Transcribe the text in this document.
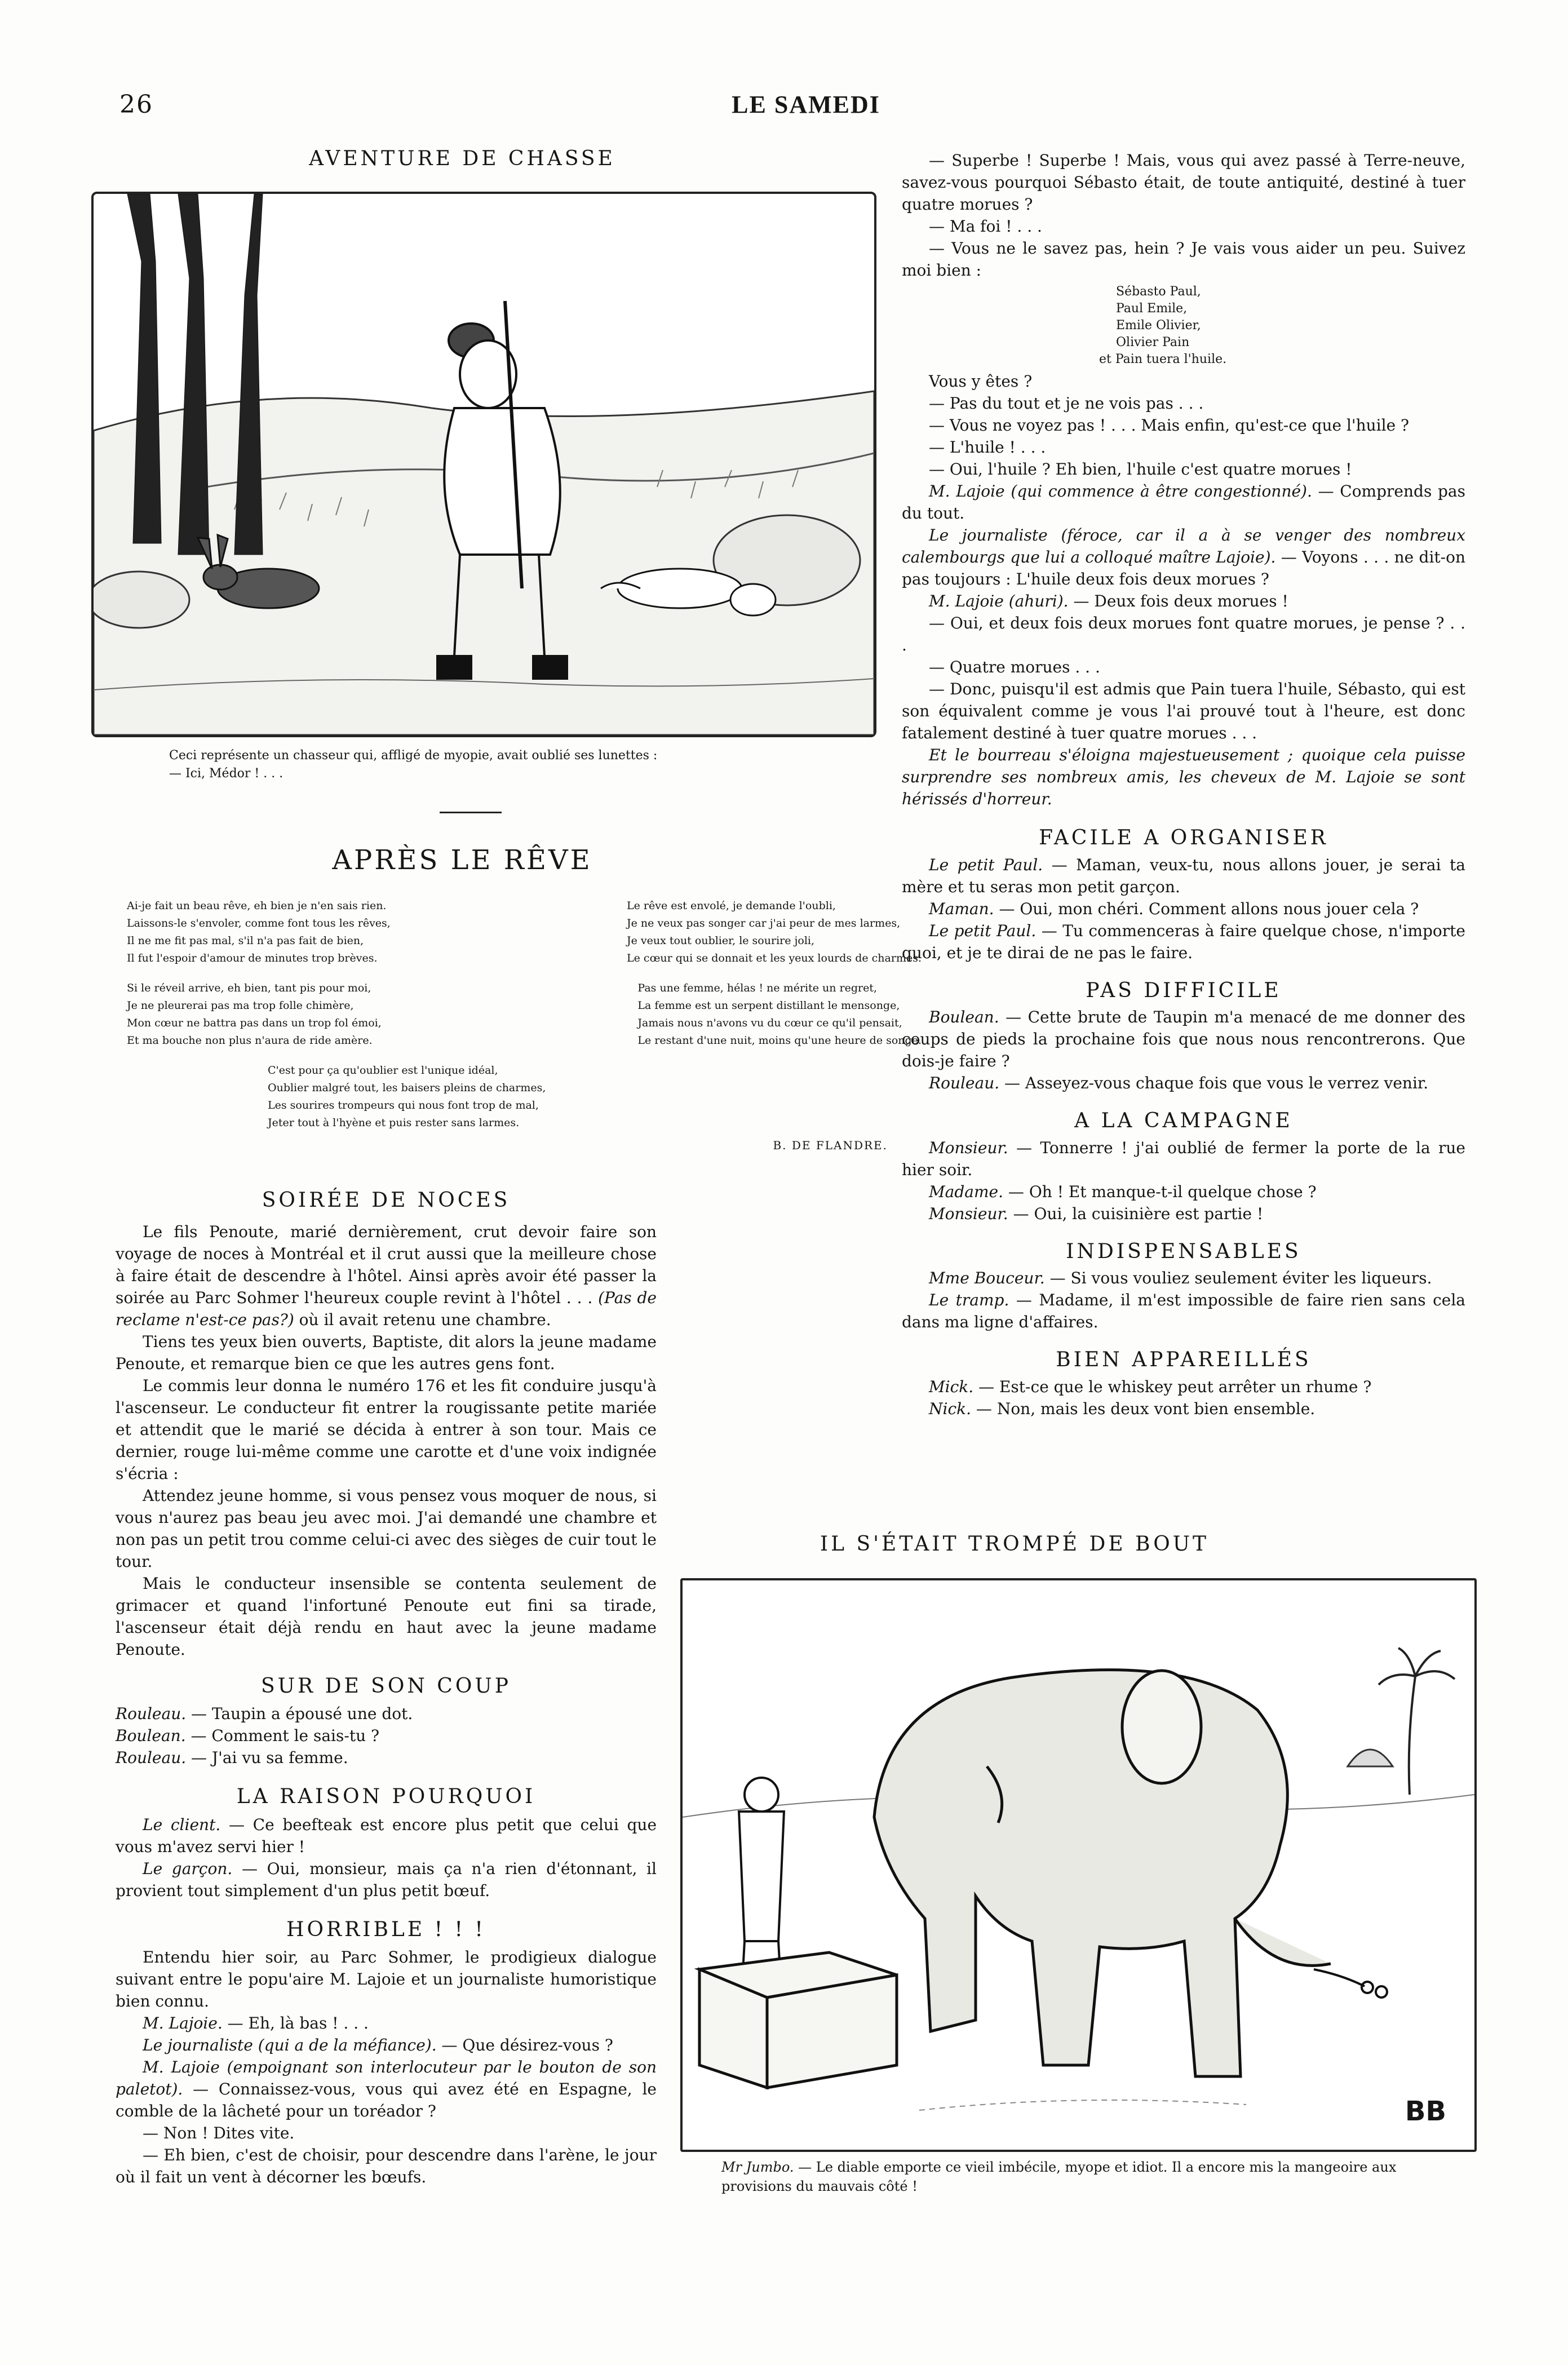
26	LE SAMEDI
AVENTURE DE CHASSE
Ceci représente un chasseur qui, affligé de myopie, avait oublié ses lunettes :
— Ici, Médor ! . . .
APRÈS LE RÊVE

Ai-je fait un beau rêve, eh bien je n'en sais rien.

Laissons-le s'envoler, comme font tous les rêves,

Il ne me fit pas mal, s'il n'a pas fait de bien,

Il fut l'espoir d'amour de minutes trop brèves.

Le rêve est envolé, je demande l'oubli,

Je ne veux pas songer car j'ai peur de mes larmes,

Je veux tout oublier, le sourire joli,

Le cœur qui se donnait et les yeux lourds de charmes.

Si le réveil arrive, eh bien, tant pis pour moi,

Je ne pleurerai pas ma trop folle chimère,

Mon cœur ne battra pas dans un trop fol émoi,

Et ma bouche non plus n'aura de ride amère.

Pas une femme, hélas ! ne mérite un regret,

La femme est un serpent distillant le mensonge,

Jamais nous n'avons vu du cœur ce qu'il pensait,

Le restant d'une nuit, moins qu'une heure de songe.

C'est pour ça qu'oublier est l'unique idéal,

Oublier malgré tout, les baisers pleins de charmes,

Les sourires trompeurs qui nous font trop de mal,

Jeter tout à l'hyène et puis rester sans larmes.

B. DE FLANDRE.
SOIRÉE DE NOCES

Le fils Penoute, marié dernièrement, crut devoir faire son voyage de noces à Montréal et il crut aussi que la meilleure chose à faire était de descendre à l'hôtel. Ainsi après avoir été passer la soirée au Parc Sohmer l'heureux couple revint à l'hôtel . . . (Pas de reclame n'est-ce pas?) où il avait retenu une chambre.

Tiens tes yeux bien ouverts, Baptiste, dit alors la jeune madame Penoute, et remarque bien ce que les autres gens font.

Le commis leur donna le numéro 176 et les fit conduire jusqu'à l'ascenseur. Le conducteur fit entrer la rougissante petite mariée et attendit que le marié se décida à entrer à son tour. Mais ce dernier, rouge lui-même comme une carotte et d'une voix indignée s'écria :

Attendez jeune homme, si vous pensez vous moquer de nous, si vous n'aurez pas beau jeu avec moi. J'ai demandé une chambre et non pas un petit trou comme celui-ci avec des sièges de cuir tout le tour.

Mais le conducteur insensible se contenta seulement de grimacer et quand l'infortuné Penoute eut fini sa tirade, l'ascenseur était déjà rendu en haut avec la jeune madame Penoute.

SUR DE SON COUP

Rouleau. — Taupin a épousé une dot.

Boulean. — Comment le sais-tu ?

Rouleau. — J'ai vu sa femme.

LA RAISON POURQUOI

Le client. — Ce beefteak est encore plus petit que celui que vous m'avez servi hier !

Le garçon. — Oui, monsieur, mais ça n'a rien d'étonnant, il provient tout simplement d'un plus petit bœuf.

HORRIBLE ! ! !

Entendu hier soir, au Parc Sohmer, le prodigieux dialogue suivant entre le popu'aire M. Lajoie et un journaliste humoristique bien connu.

M. Lajoie. — Eh, là bas ! . . .

Le journaliste (qui a de la méfiance). — Que désirez-vous ?

M. Lajoie (empoignant son interlocuteur par le bouton de son paletot). — Connaissez-vous, vous qui avez été en Espagne, le comble de la lâcheté pour un toréador ?

— Non ! Dites vite.

— Eh bien, c'est de choisir, pour descendre dans l'arène, le jour où il fait un vent à décorner les bœufs.

— Superbe ! Superbe ! Mais, vous qui avez passé à Terre-neuve, savez-vous pourquoi Sébasto était, de toute antiquité, destiné à tuer quatre morues ?

— Ma foi ! . . .

— Vous ne le savez pas, hein ? Je vais vous aider un peu. Suivez moi bien :

Sébasto Paul,

Paul Emile,

Emile Olivier,

Olivier Pain

et Pain tuera l'huile.

Vous y êtes ?

— Pas du tout et je ne vois pas . . .

— Vous ne voyez pas ! . . . Mais enfin, qu'est-ce que l'huile ?

— L'huile ! . . .

— Oui, l'huile ? Eh bien, l'huile c'est quatre morues !

M. Lajoie (qui commence à être congestionné). — Comprends pas du tout.

Le journaliste (féroce, car il a à se venger des nombreux calembourgs que lui a colloqué maître Lajoie). — Voyons . . . ne dit-on pas toujours : L'huile deux fois deux morues ?

M. Lajoie (ahuri). — Deux fois deux morues !

— Oui, et deux fois deux morues font quatre morues, je pense ? . . .

— Quatre morues . . .

— Donc, puisqu'il est admis que Pain tuera l'huile, Sébasto, qui est son équivalent comme je vous l'ai prouvé tout à l'heure, est donc fatalement destiné à tuer quatre morues . . .

Et le bourreau s'éloigna majestueusement ; quoique cela puisse surprendre ses nombreux amis, les cheveux de M. Lajoie se sont hérissés d'horreur.

FACILE A ORGANISER

Le petit Paul. — Maman, veux-tu, nous allons jouer, je serai ta mère et tu seras mon petit garçon.

Maman. — Oui, mon chéri. Comment allons nous jouer cela ?

Le petit Paul. — Tu commenceras à faire quelque chose, n'importe quoi, et je te dirai de ne pas le faire.

PAS DIFFICILE

Boulean. — Cette brute de Taupin m'a menacé de me donner des coups de pieds la prochaine fois que nous nous rencontrerons. Que dois-je faire ?

Rouleau. — Asseyez-vous chaque fois que vous le verrez venir.

A LA CAMPAGNE

Monsieur. — Tonnerre ! j'ai oublié de fermer la porte de la rue hier soir.

Madame. — Oh ! Et manque-t-il quelque chose ?

Monsieur. — Oui, la cuisinière est partie !

INDISPENSABLES

Mme Bouceur. — Si vous vouliez seulement éviter les liqueurs.

Le tramp. — Madame, il m'est impossible de faire rien sans cela dans ma ligne d'affaires.

BIEN APPAREILLÉS

Mick. — Est-ce que le whiskey peut arrêter un rhume ?

Nick. — Non, mais les deux vont bien ensemble.

IL S'ÉTAIT TROMPÉ DE BOUT
BB

Mr Jumbo. — Le diable emporte ce vieil imbécile, myope et idiot. Il a encore mis la mangeoire aux provisions du mauvais côté !
